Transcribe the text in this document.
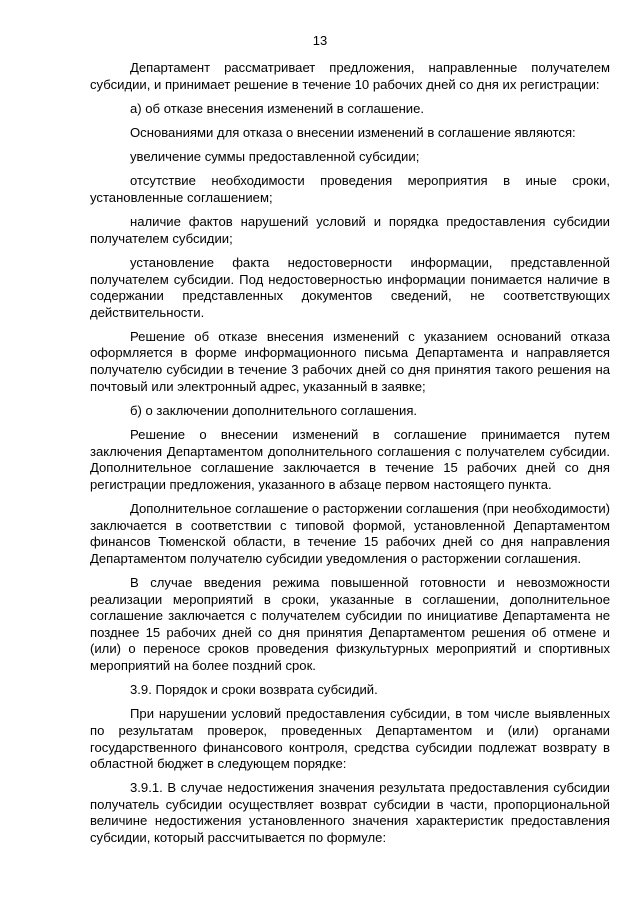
13

Департамент рассматривает предложения, направленные получателем субсидии, и принимает решение в течение 10 рабочих дней со дня их регистрации:

а) об отказе внесения изменений в соглашение.

Основаниями для отказа о внесении изменений в соглашение являются:

увеличение суммы предоставленной субсидии;

отсутствие необходимости проведения мероприятия в иные сроки, установленные соглашением;

наличие фактов нарушений условий и порядка предоставления субсидии получателем субсидии;

установление факта недостоверности информации, представленной получателем субсидии. Под недостоверностью информации понимается наличие в содержании представленных документов сведений, не соответствующих действительности.

Решение об отказе внесения изменений с указанием оснований отказа оформляется в форме информационного письма Департамента и направляется получателю субсидии в течение 3 рабочих дней со дня принятия такого решения на почтовый или электронный адрес, указанный в заявке;

б) о заключении дополнительного соглашения.

Решение о внесении изменений в соглашение принимается путем заключения Департаментом дополнительного соглашения с получателем субсидии. Дополнительное соглашение заключается в течение 15 рабочих дней со дня регистрации предложения, указанного в абзаце первом настоящего пункта.

Дополнительное соглашение о расторжении соглашения (при необходимости) заключается в соответствии с типовой формой, установленной Департаментом финансов Тюменской области, в течение 15 рабочих дней со дня направления Департаментом получателю субсидии уведомления о расторжении соглашения.

В случае введения режима повышенной готовности и невозможности реализации мероприятий в сроки, указанные в соглашении, дополнительное соглашение заключается с получателем субсидии по инициативе Департамента не позднее 15 рабочих дней со дня принятия Департаментом решения об отмене и (или) о переносе сроков проведения физкультурных мероприятий и спортивных мероприятий на более поздний срок.

3.9. Порядок и сроки возврата субсидий.

При нарушении условий предоставления субсидии, в том числе выявленных по результатам проверок, проведенных Департаментом и (или) органами государственного финансового контроля, средства субсидии подлежат возврату в областной бюджет в следующем порядке:

3.9.1. В случае недостижения значения результата предоставления субсидии получатель субсидии осуществляет возврат субсидии в части, пропорциональной величине недостижения установленного значения характеристик предоставления субсидии, который рассчитывается по формуле:
